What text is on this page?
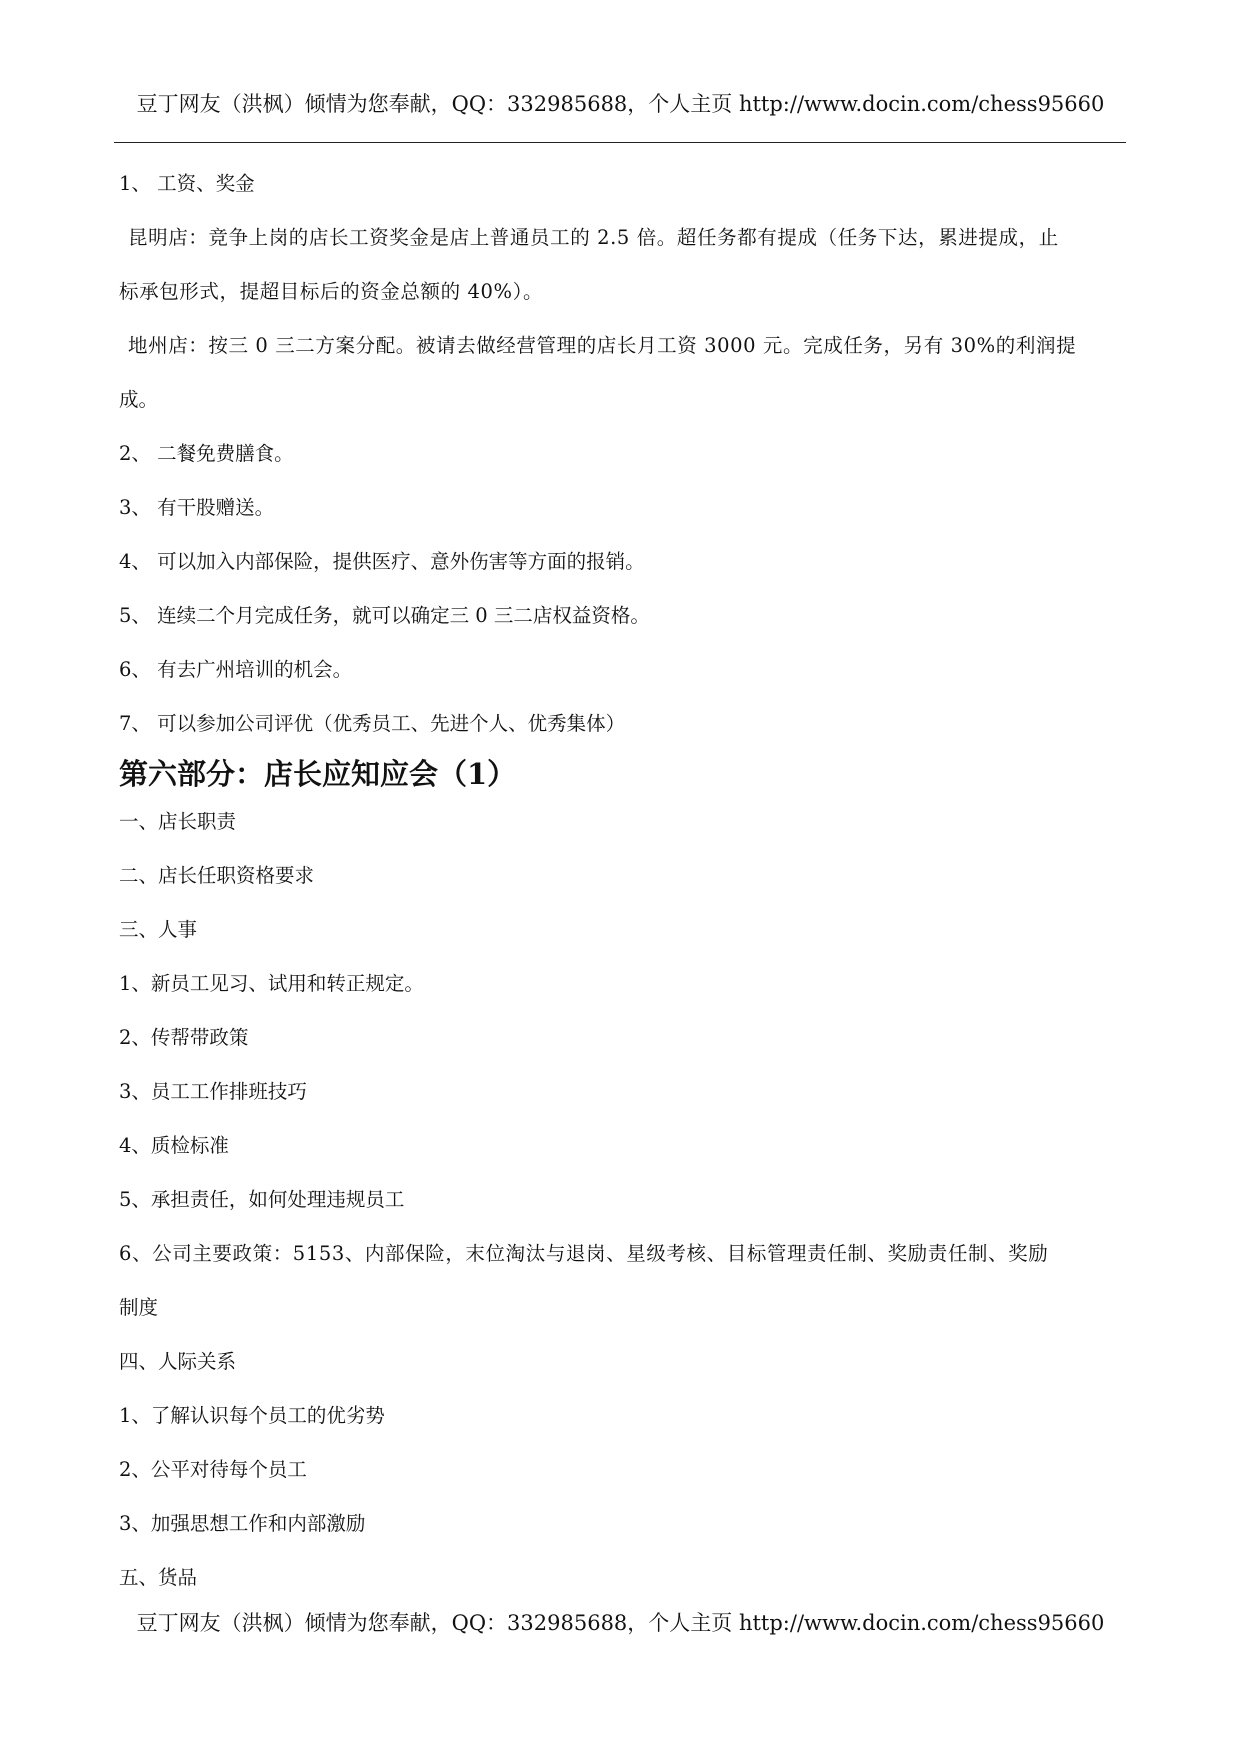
豆丁网友（洪枫）倾情为您奉献，QQ：332985688，个人主页 http://www.docin.com/chess95660
1、 工资、奖金
昆明店：竞争上岗的店长工资奖金是店上普通员工的 2.5 倍。超任务都有提成（任务下达，累进提成，止
标承包形式，提超目标后的资金总额的 40%）。
地州店：按三 0 三二方案分配。被请去做经营管理的店长月工资 3000 元。完成任务，另有 30%的利润提
成。
2、 二餐免费膳食。
3、 有干股赠送。
4、 可以加入内部保险，提供医疗、意外伤害等方面的报销。
5、 连续二个月完成任务，就可以确定三 0 三二店权益资格。
6、 有去广州培训的机会。
7、 可以参加公司评优（优秀员工、先进个人、优秀集体）
第六部分：店长应知应会（1）
一、店长职责
二、店长任职资格要求
三、人事
1、新员工见习、试用和转正规定。
2、传帮带政策
3、员工工作排班技巧
4、质检标准
5、承担责任，如何处理违规员工
6、公司主要政策：5153、内部保险，末位淘汰与退岗、星级考核、目标管理责任制、奖励责任制、奖励
制度
四、人际关系
1、了解认识每个员工的优劣势
2、公平对待每个员工
3、加强思想工作和内部激励
五、货品
豆丁网友（洪枫）倾情为您奉献，QQ：332985688，个人主页 http://www.docin.com/chess95660
